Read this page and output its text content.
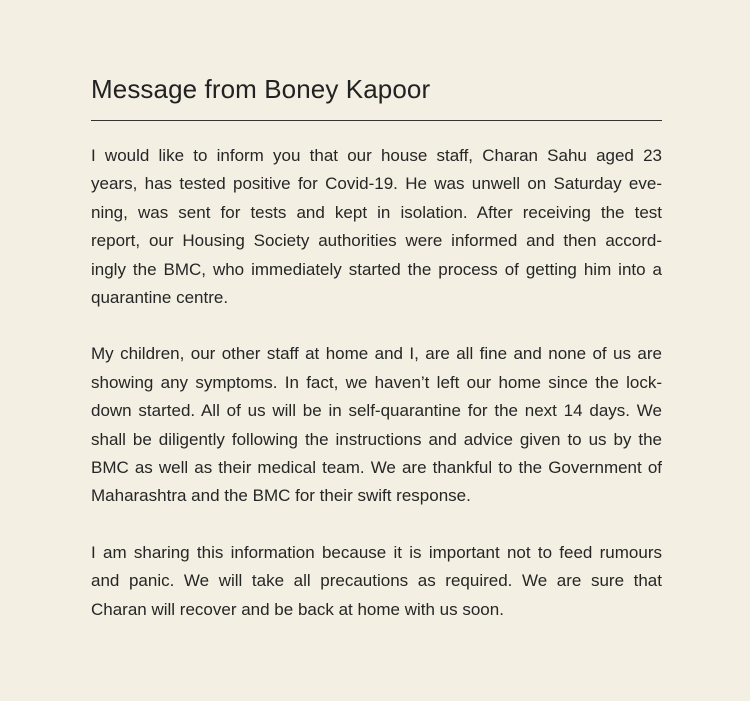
Message from Boney Kapoor

I would like to inform you that our house staff, Charan Sahu aged 23
years, has tested positive for Covid-19. He was unwell on Saturday eve-
ning, was sent for tests and kept in isolation. After receiving the test
report, our Housing Society authorities were informed and then accord-
ingly the BMC, who immediately started the process of getting him into a
quarantine centre.

My children, our other staff at home and I, are all fine and none of us are
showing any symptoms. In fact, we haven’t left our home since the lock-
down started. All of us will be in self-quarantine for the next 14 days. We
shall be diligently following the instructions and advice given to us by the
BMC as well as their medical team. We are thankful to the Government of
Maharashtra and the BMC for their swift response.

I am sharing this information because it is important not to feed rumours
and panic. We will take all precautions as required. We are sure that
Charan will recover and be back at home with us soon.
